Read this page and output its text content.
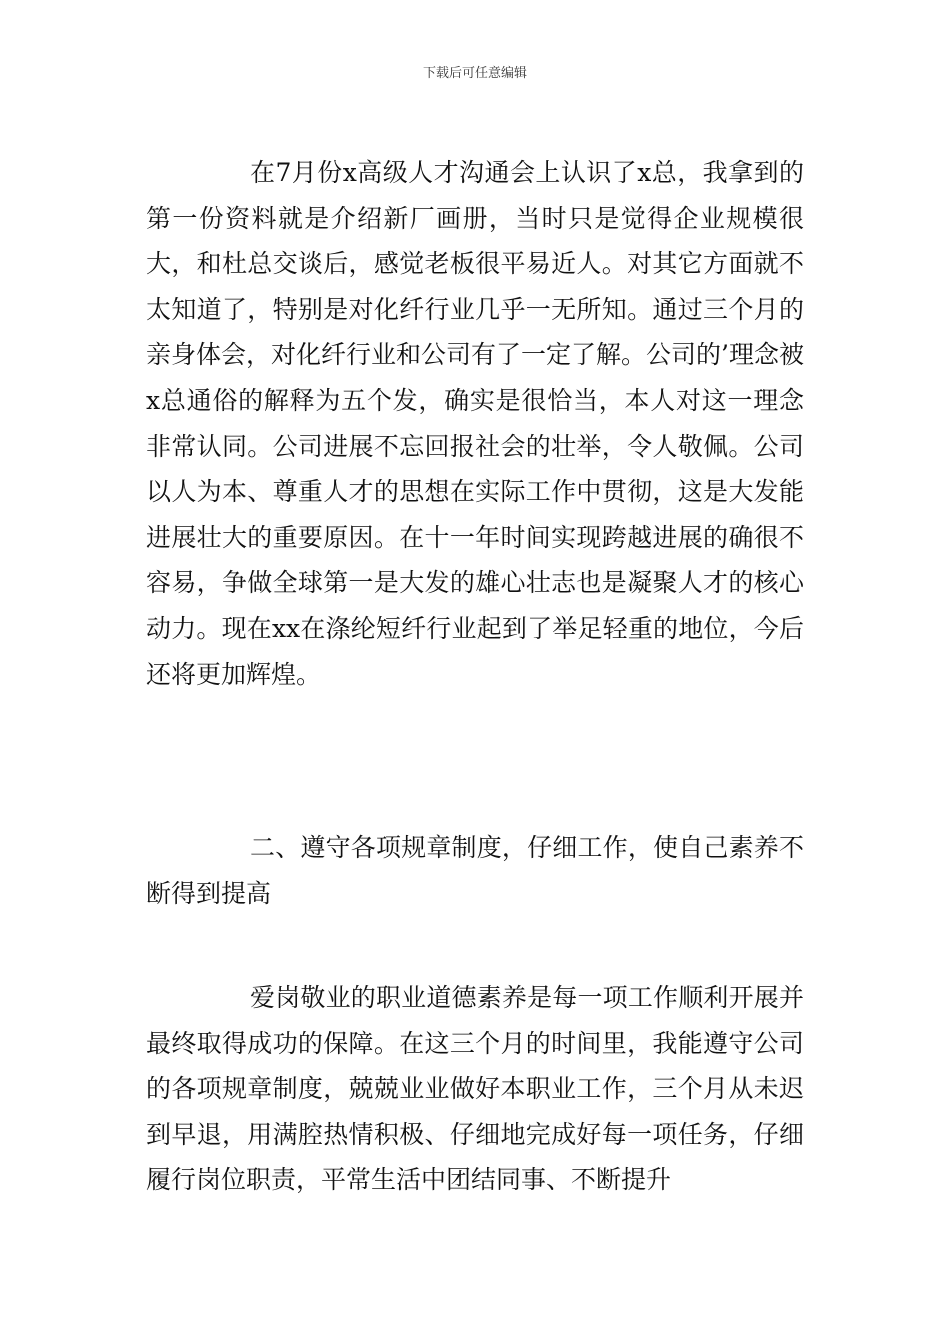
下载后可任意编辑

在7月份x高级人才沟通会上认识了x总，我拿到的第一份资料就是介绍新厂画册，当时只是觉得企业规模很大，和杜总交谈后，感觉老板很平易近人。对其它方面就不太知道了，特别是对化纤行业几乎一无所知。通过三个月的亲身体会，对化纤行业和公司有了一定了解。公司的’理念被x总通俗的解释为五个发，确实是很恰当，本人对这一理念非常认同。公司进展不忘回报社会的壮举，令人敬佩。公司以人为本、尊重人才的思想在实际工作中贯彻，这是大发能进展壮大的重要原因。在十一年时间实现跨越进展的确很不容易，争做全球第一是大发的雄心壮志也是凝聚人才的核心动力。现在xx在涤纶短纤行业起到了举足轻重的地位，今后还将更加辉煌。

二、遵守各项规章制度，仔细工作，使自己素养不断得到提高

爱岗敬业的职业道德素养是每一项工作顺利开展并最终取得成功的保障。在这三个月的时间里，我能遵守公司的各项规章制度，兢兢业业做好本职业工作，三个月从未迟到早退，用满腔热情积极、仔细地完成好每一项任务，仔细履行岗位职责，平常生活中团结同事、不断提升
